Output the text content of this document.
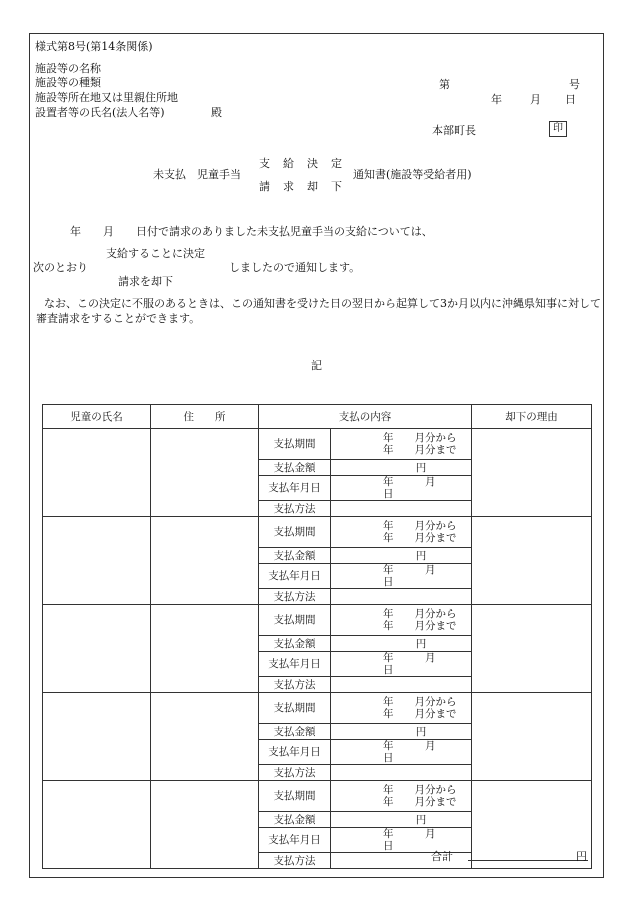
様式第8号(第14条関係)
施設等の名称
施設等の種類
施設等所在地又は里親住所地
設置者等の氏名(法人名等)	殿
第	号
年	月 日
本部町長	印
未支払　児童手当
支　給　決　定
請　求　却　下
通知書(施設等受給者用)
年　　月　　日付で請求のありました未支払児童手当の支給については、
支給することに決定
次のとおり	しましたので通知します。
請求を却下
なお、この決定に不服のあるときは、この通知書を受けた日の翌日から起算して3か月以内に沖縄県知事に対して審査請求をすることができます。
記
児童の氏名	住　　所	支払の内容		却下の理由
		支払期間	年　　月分から
年　　月分まで	

		支払金額	円	
		支払年月日	年　　　月　　　日	

		支払方法		
		支払期間	年　　月分から
年　　月分まで	

		支払金額	円	
		支払年月日	年　　　月　　　日	

		支払方法		
		支払期間	年　　月分から
年　　月分まで	

		支払金額	円	
		支払年月日	年　　　月　　　日	

		支払方法		
		支払期間	年　　月分から
年　　月分まで	

		支払金額	円	
		支払年月日	年　　　月　　　日	

		支払方法		
		支払期間	年　　月分から
年　　月分まで	

		支払金額	円	
		支払年月日	年　　　月　　　日	

		支払方法			合計	円
